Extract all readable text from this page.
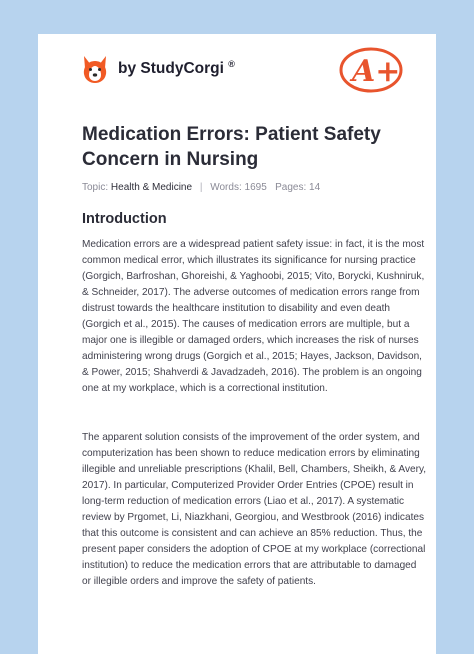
by StudyCorgi ®	A+
Medication Errors: Patient Safety Concern in Nursing
Topic: Health & Medicine | Words: 1695 Pages: 14
Introduction

Medication errors are a widespread patient safety issue: in fact, it is the most common medical error, which illustrates its significance for nursing practice (Gorgich, Barfroshan, Ghoreishi, & Yaghoobi, 2015; Vito, Borycki, Kushniruk, & Schneider, 2017). The adverse outcomes of medication errors range from distrust towards the healthcare institution to disability and even death (Gorgich et al., 2015). The causes of medication errors are multiple, but a major one is illegible or damaged orders, which increases the risk of nurses administering wrong drugs (Gorgich et al., 2015; Hayes, Jackson, Davidson, & Power, 2015; Shahverdi & Javadzadeh, 2016). The problem is an ongoing one at my workplace, which is a correctional institution.

The apparent solution consists of the improvement of the order system, and computerization has been shown to reduce medication errors by eliminating illegible and unreliable prescriptions (Khalil, Bell, Chambers, Sheikh, & Avery, 2017). In particular, Computerized Provider Order Entries (CPOE) result in long-term reduction of medication errors (Liao et al., 2017). A systematic review by Prgomet, Li, Niazkhani, Georgiou, and Westbrook (2016) indicates that this outcome is consistent and can achieve an 85% reduction. Thus, the present paper considers the adoption of CPOE at my workplace (correctional institution) to reduce the medication errors that are attributable to damaged or illegible orders and improve the safety of patients.
